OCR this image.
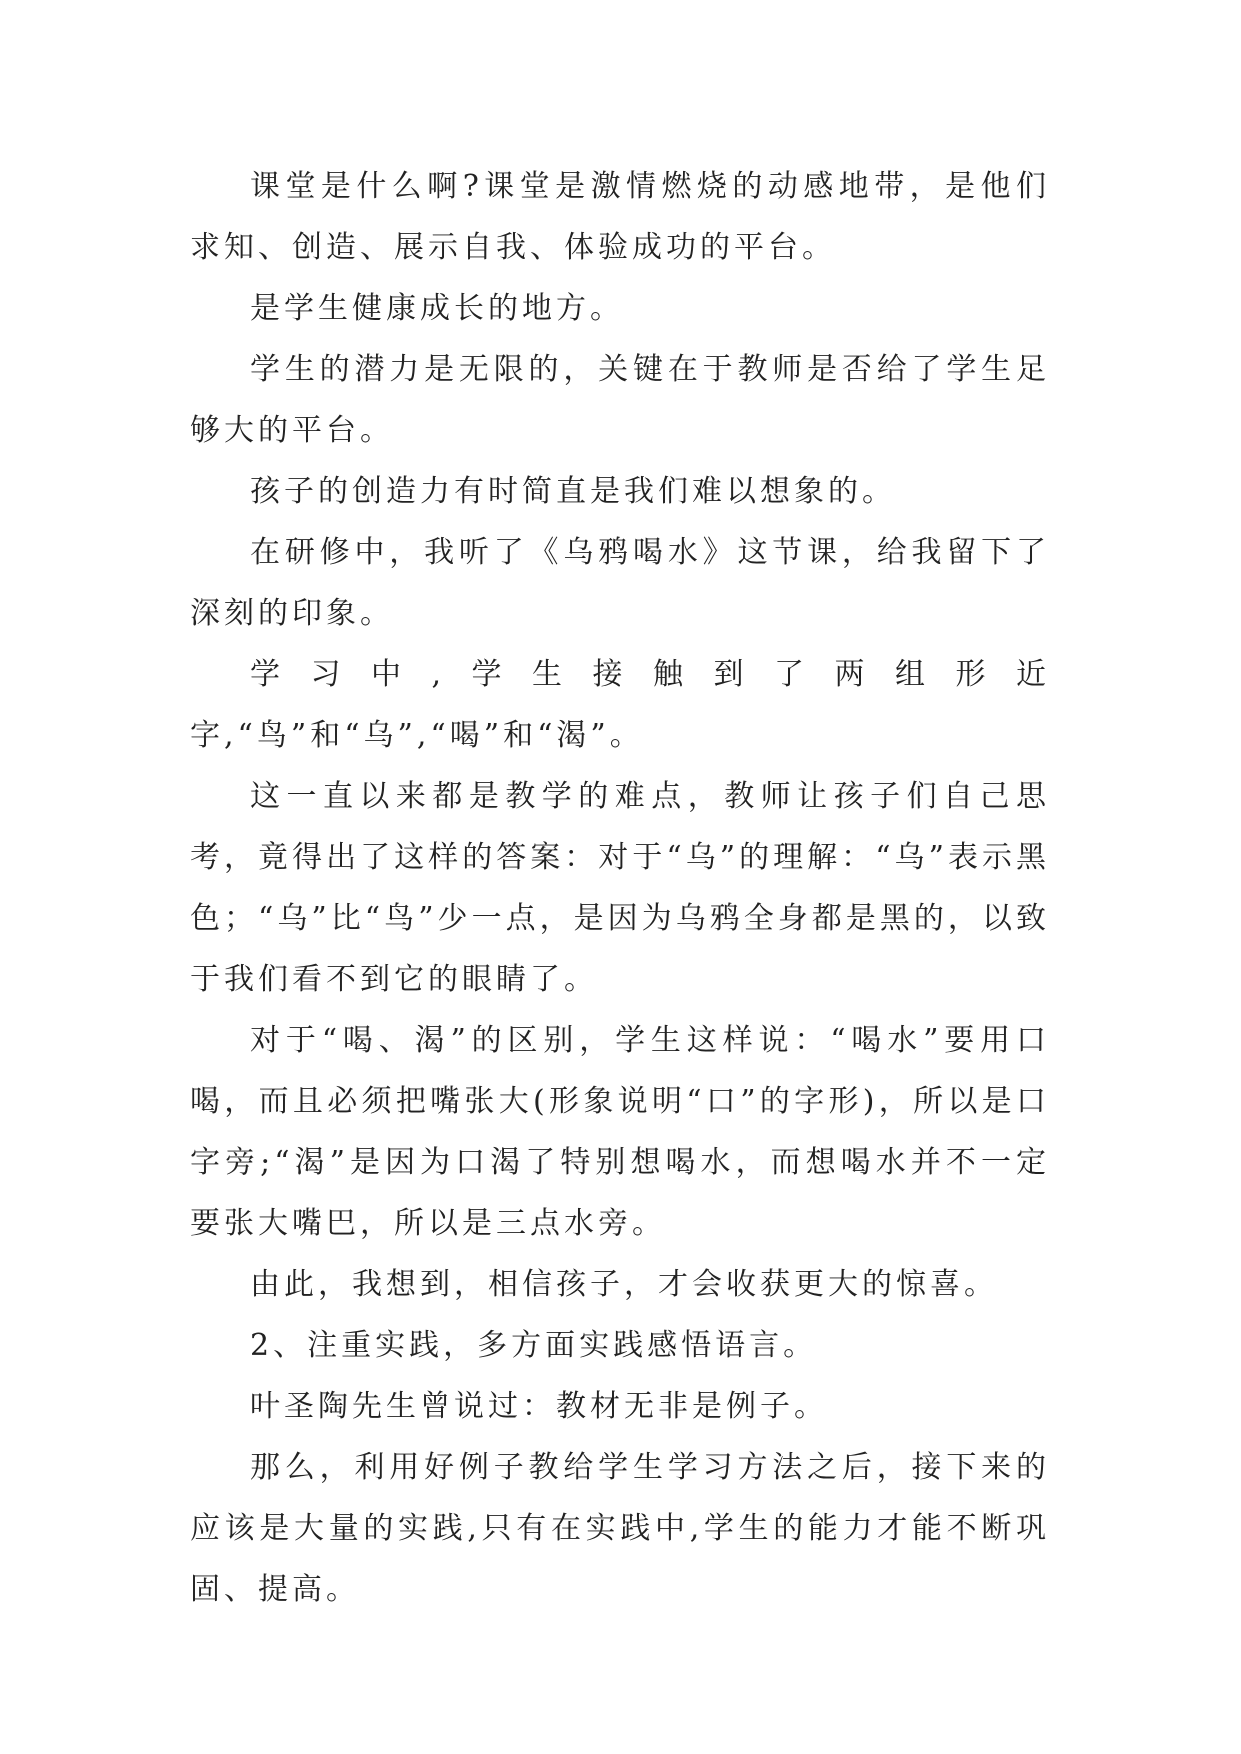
课堂是什么啊?课堂是激情燃烧的动感地带，是他们求知、创造、展示自我、体验成功的平台。

是学生健康成长的地方。

学生的潜力是无限的，关键在于教师是否给了学生足够大的平台。

孩子的创造力有时简直是我们难以想象的。

在研修中，我听了《乌鸦喝水》这节课，给我留下了深刻的印象。

学习中,学生接触到了两组形近字,“鸟”和“乌”,“喝”和“渴”。

这一直以来都是教学的难点，教师让孩子们自己思考，竟得出了这样的答案：对于“乌”的理解：“乌”表示黑色；“乌”比“鸟”少一点，是因为乌鸦全身都是黑的，以致于我们看不到它的眼睛了。

对于“喝、渴”的区别，学生这样说：“喝水”要用口喝，而且必须把嘴张大(形象说明“口”的字形)，所以是口字旁;“渴”是因为口渴了特别想喝水，而想喝水并不一定要张大嘴巴，所以是三点水旁。

由此，我想到，相信孩子，才会收获更大的惊喜。

2、注重实践，多方面实践感悟语言。

叶圣陶先生曾说过：教材无非是例子。

那么，利用好例子教给学生学习方法之后，接下来的应该是大量的实践,只有在实践中,学生的能力才能不断巩固、提高。
